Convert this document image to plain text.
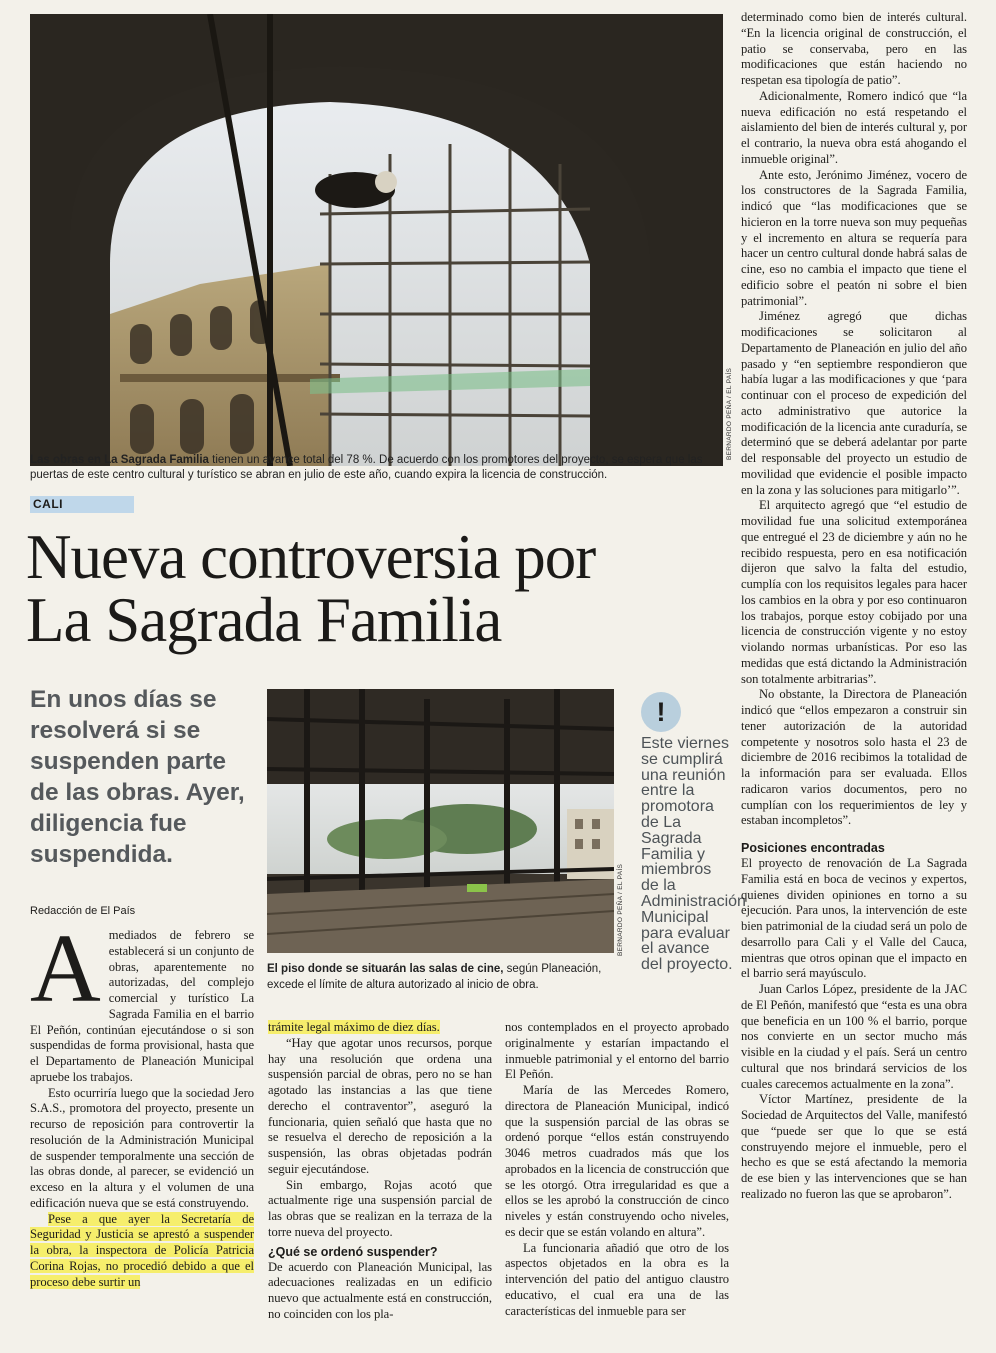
BERNARDO PEÑA / EL PAÍS
Las obras en La Sagrada Familia tienen un avance total del 78 %. De acuerdo con los promotores del proyecto, se espera que las puertas de este centro cultural y turístico se abran en julio de este año, cuando expira la licencia de construcción.
CALI
Nueva controversia por
La Sagrada Familia
En unos días se resolverá si se suspenden parte de las obras. Ayer, diligencia fue suspendida.
Redacción de El País	BERNARDO PEÑA / EL PAÍS
El piso donde se situarán las salas de cine, según Planeación, excede el límite de altura autorizado al inicio de obra.
!
Este viernes se cumplirá una reunión entre la promotora de La Sagrada Familia y miembros de la Administración Municipal para evaluar el avance del proyecto.
A mediados de febrero se establecerá si un conjunto de obras, aparentemente no autorizadas, del complejo comercial y turístico La Sagrada Familia en el barrio El Peñón, continúan ejecutándose o si son suspendidas de forma provisional, hasta que el Departamento de Planeación Municipal apruebe los trabajos.

Esto ocurriría luego que la sociedad Jero S.A.S., promotora del proyecto, presente un recurso de reposición para controvertir la resolución de la Administración Municipal de suspender temporalmente una sección de las obras donde, al parecer, se evidenció un exceso en la altura y el volumen de una edificación nueva que se está construyendo.

Pese a que ayer la Secretaría de Seguridad y Justicia se aprestó a suspender la obra, la inspectora de Policía Patricia Corina Rojas, no procedió debido a que el proceso debe surtir un

trámite legal máximo de diez días.

“Hay que agotar unos recursos, porque hay una resolución que ordena una suspensión parcial de obras, pero no se han agotado las instancias a las que tiene derecho el contraventor”, aseguró la funcionaria, quien señaló que hasta que no se resuelva el derecho de reposición a la suspensión, las obras objetadas podrán seguir ejecutándose.

Sin embargo, Rojas acotó que actualmente rige una suspensión parcial de las obras que se realizan en la terraza de la torre nueva del proyecto.

¿Qué se ordenó suspender?

De acuerdo con Planeación Municipal, las adecuaciones realizadas en un edificio nuevo que actualmente está en construcción, no coinciden con los pla-

nos contemplados en el proyecto aprobado originalmente y estarían impactando el inmueble patrimonial y el entorno del barrio El Peñón.

María de las Mercedes Romero, directora de Planeación Municipal, indicó que la suspensión parcial de las obras se ordenó porque “ellos están construyendo 3046 metros cuadrados más que los aprobados en la licencia de construcción que se les otorgó. Otra irregularidad es que a ellos se les aprobó la construcción de cinco niveles y están construyendo ocho niveles, es decir que se están volando en altura”.

La funcionaria añadió que otro de los aspectos objetados en la obra es la intervención del patio del antiguo claustro educativo, el cual era una de las características del inmueble para ser

determinado como bien de interés cultural. “En la licencia original de construcción, el patio se conservaba, pero en las modificaciones que están haciendo no respetan esa tipología de patio”.

Adicionalmente, Romero indicó que “la nueva edificación no está respetando el aislamiento del bien de interés cultural y, por el contrario, la nueva obra está ahogando el inmueble original”.

Ante esto, Jerónimo Jiménez, vocero de los constructores de la Sagrada Familia, indicó que “las modificaciones que se hicieron en la torre nueva son muy pequeñas y el incremento en altura se requería para hacer un centro cultural donde habrá salas de cine, eso no cambia el impacto que tiene el edificio sobre el peatón ni sobre el bien patrimonial”.

Jiménez agregó que dichas modificaciones se solicitaron al Departamento de Planeación en julio del año pasado y “en septiembre respondieron que había lugar a las modificaciones y que ‘para continuar con el proceso de expedición del acto administrativo que autorice la modificación de la licencia ante curaduría, se determinó que se deberá adelantar por parte del responsable del proyecto un estudio de movilidad que evidencie el posible impacto en la zona y las soluciones para mitigarlo’”.

El arquitecto agregó que “el estudio de movilidad fue una solicitud extemporánea que entregué el 23 de diciembre y aún no he recibido respuesta, pero en esa notificación dijeron que salvo la falta del estudio, cumplía con los requisitos legales para hacer los cambios en la obra y por eso continuaron los trabajos, porque estoy cobijado por una licencia de construcción vigente y no estoy violando normas urbanísticas. Por eso las medidas que está dictando la Administración son totalmente arbitrarias”.

No obstante, la Directora de Planeación indicó que “ellos empezaron a construir sin tener autorización de la autoridad competente y nosotros solo hasta el 23 de diciembre de 2016 recibimos la totalidad de la información para ser evaluada. Ellos radicaron varios documentos, pero no cumplían con los requerimientos de ley y estaban incompletos”.

Posiciones encontradas

El proyecto de renovación de La Sagrada Familia está en boca de vecinos y expertos, quienes dividen opiniones en torno a su ejecución. Para unos, la intervención de este bien patrimonial de la ciudad será un polo de desarrollo para Cali y el Valle del Cauca, mientras que otros opinan que el impacto en el barrio será mayúsculo.

Juan Carlos López, presidente de la JAC de El Peñón, manifestó que “esta es una obra que beneficia en un 100 % el barrio, porque nos convierte en un sector mucho más visible en la ciudad y el país. Será un centro cultural que nos brindará servicios de los cuales carecemos actualmente en la zona”.

Víctor Martínez, presidente de la Sociedad de Arquitectos del Valle, manifestó que “puede ser que lo que se está construyendo mejore el inmueble, pero el hecho es que se está afectando la memoria de ese bien y las intervenciones que se han realizado no fueron las que se aprobaron”.
